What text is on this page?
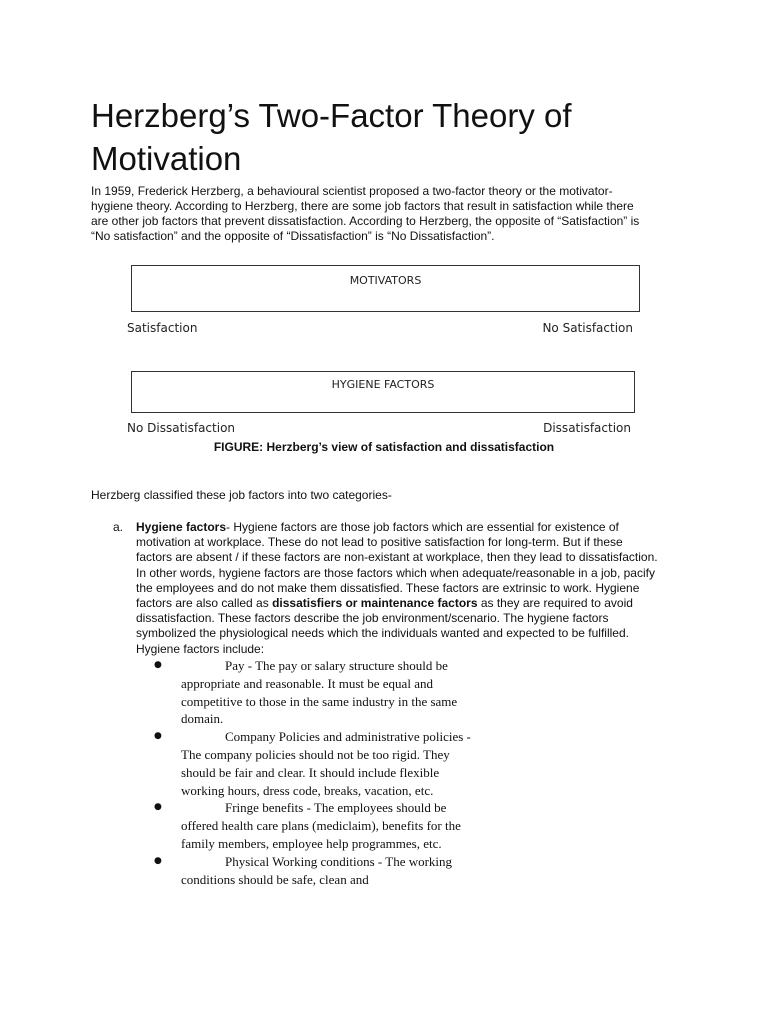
Herzberg’s Two-Factor Theory of Motivation

In 1959, Frederick Herzberg, a behavioural scientist proposed a two-factor theory or the motivator-hygiene theory. According to Herzberg, there are some job factors that result in satisfaction while there are other job factors that prevent dissatisfaction. According to Herzberg, the opposite of “Satisfaction” is “No satisfaction” and the opposite of “Dissatisfaction” is “No Dissatisfaction”.

MOTIVATORS
Satisfaction	No Satisfaction
HYGIENE FACTORS
No Dissatisfaction	Dissatisfaction
FIGURE: Herzberg’s view of satisfaction and dissatisfaction
Herzberg classified these job factors into two categories-
a. Hygiene factors- Hygiene factors are those job factors which are essential for existence of motivation at workplace. These do not lead to positive satisfaction for long-term. But if these factors are absent / if these factors are non-existant at workplace, then they lead to dissatisfaction. In other words, hygiene factors are those factors which when adequate/reasonable in a job, pacify the employees and do not make them dissatisfied. These factors are extrinsic to work. Hygiene factors are also called as dissatisfiers or maintenance factors as they are required to avoid dissatisfaction. These factors describe the job environment/scenario. The hygiene factors symbolized the physiological needs which the individuals wanted and expected to be fulfilled. Hygiene factors include:

●	Pay - The pay or salary structure should be appropriate and reasonable. It must be equal and competitive to those in the same industry in the same domain.
●	Company Policies and administrative policies - The company policies should not be too rigid. They should be fair and clear. It should include flexible working hours, dress code, breaks, vacation, etc.
●	Fringe benefits - The employees should be offered health care plans (mediclaim), benefits for the family members, employee help programmes, etc.
●	Physical Working conditions - The working conditions should be safe, clean and
